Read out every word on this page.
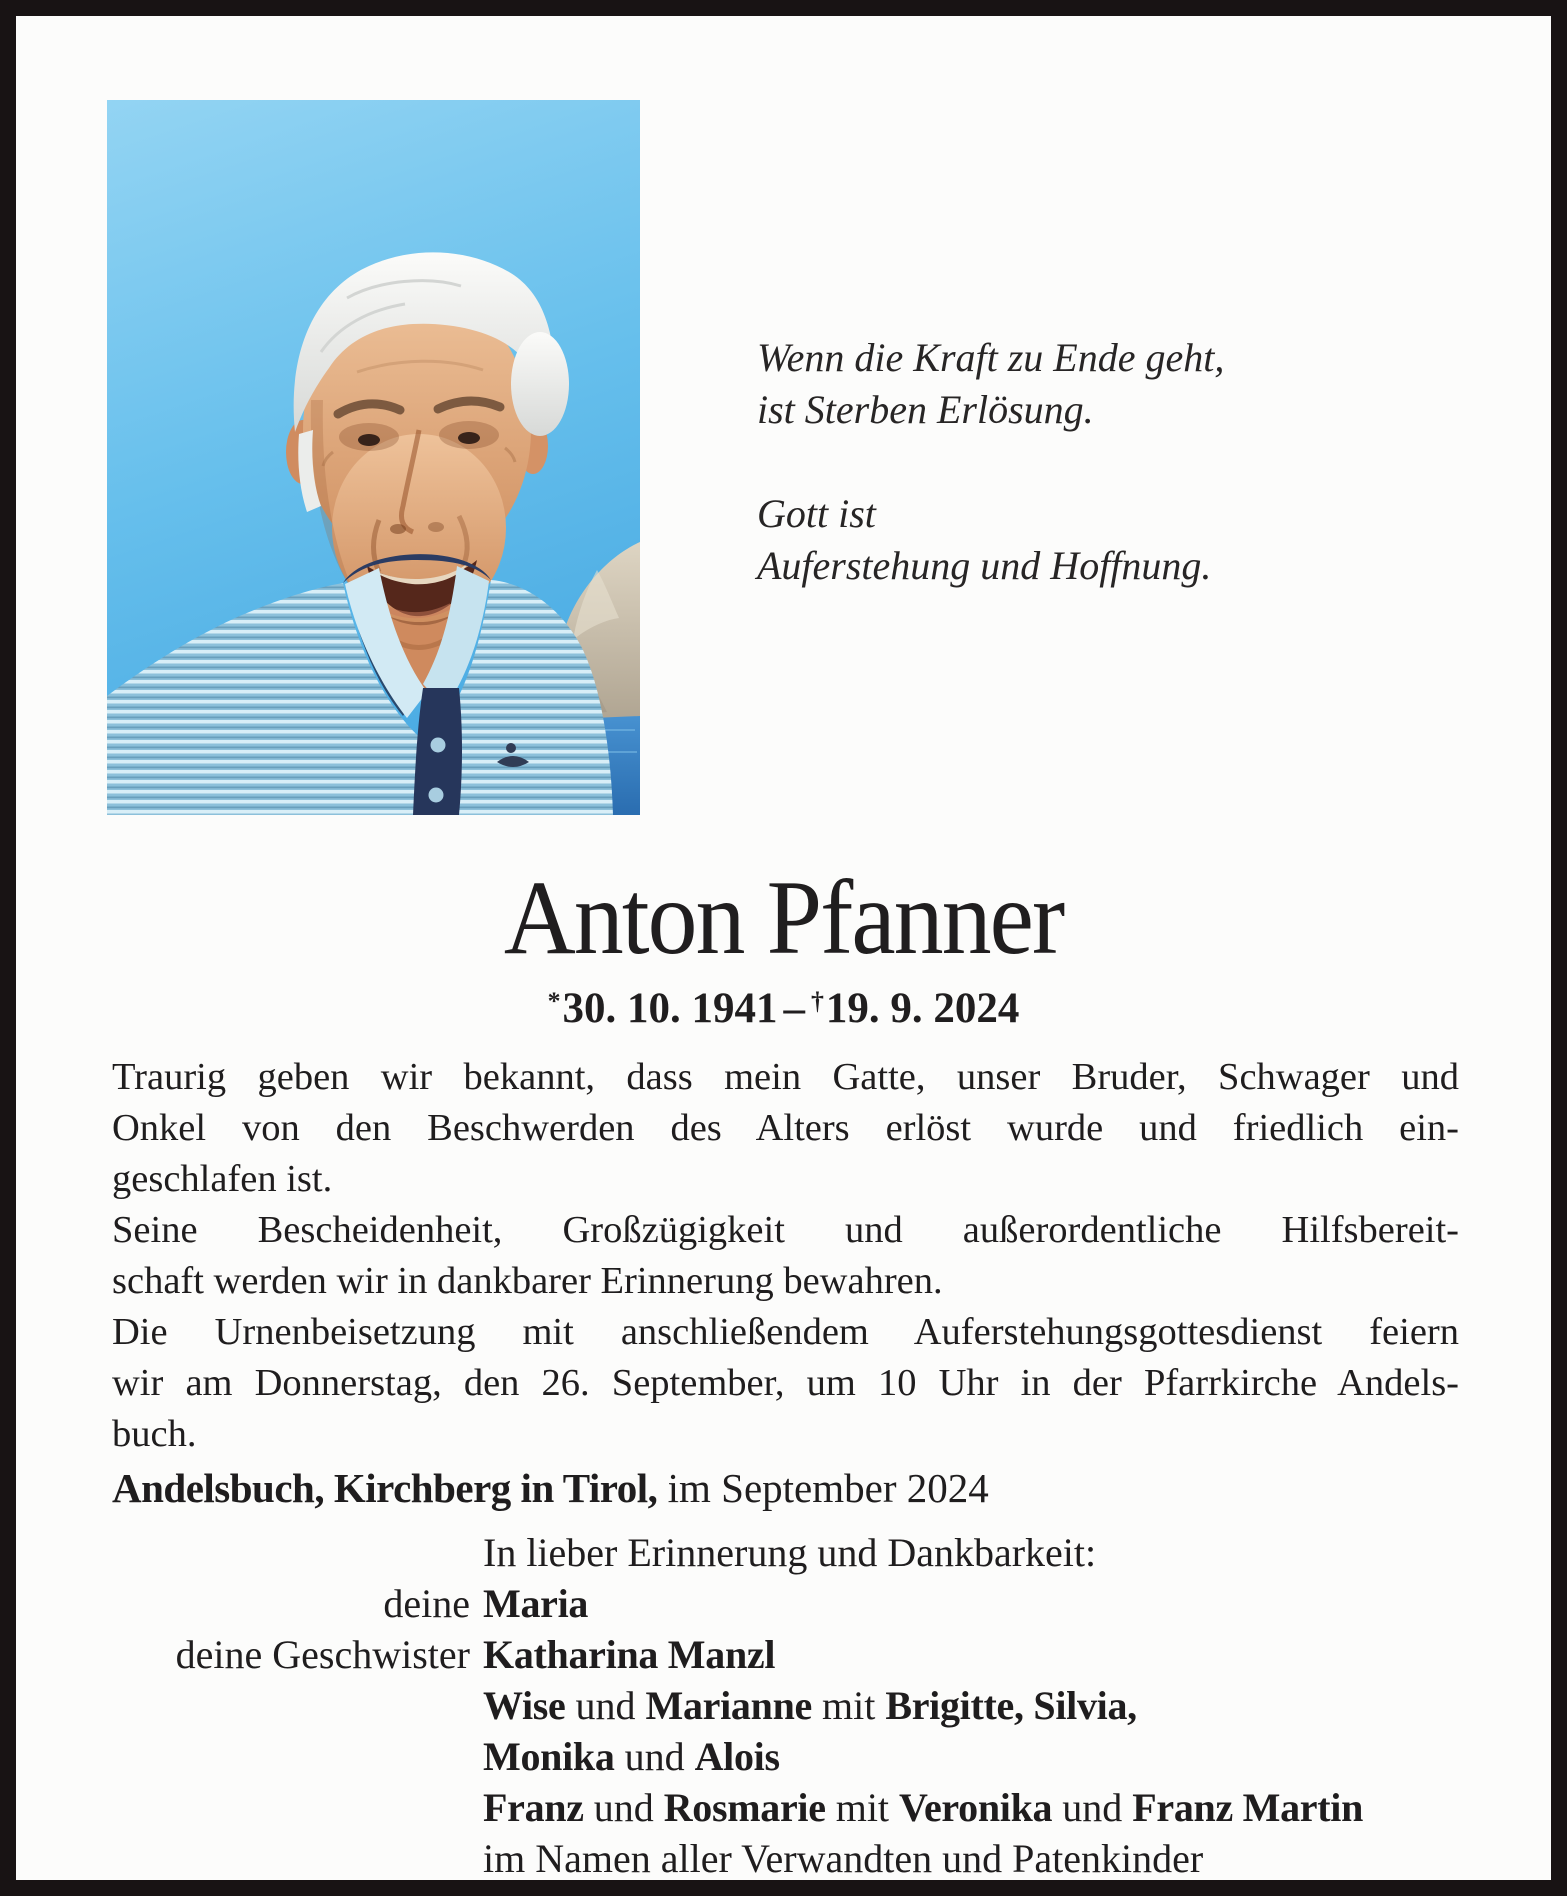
Wenn die Kraft zu Ende geht,
ist Sterben Erlösung.
Gott ist
Auferstehung und Hoffnung.
Anton Pfanner
*30. 10. 1941 – †19. 9. 2024
Traurig geben wir bekannt, dass mein Gatte, unser Bruder, Schwager und
Onkel von den Beschwerden des Alters erlöst wurde und friedlich ein-
geschlafen ist.
Seine Bescheidenheit, Großzügigkeit und außerordentliche Hilfsbereit-
schaft werden wir in dankbarer Erinnerung bewahren.
Die Urnenbeisetzung mit anschließendem Auferstehungsgottesdienst feiern
wir am Donnerstag, den 26. September, um 10 Uhr in der Pfarrkirche Andels-
buch.
Andelsbuch, Kirchberg in Tirol, im September 2024
In lieber Erinnerung und Dankbarkeit:
deine Maria
deine Geschwister Katharina Manzl
Wise und Marianne mit Brigitte, Silvia,
Monika und Alois
Franz und Rosmarie mit Veronika und Franz Martin
im Namen aller Verwandten und Patenkinder
